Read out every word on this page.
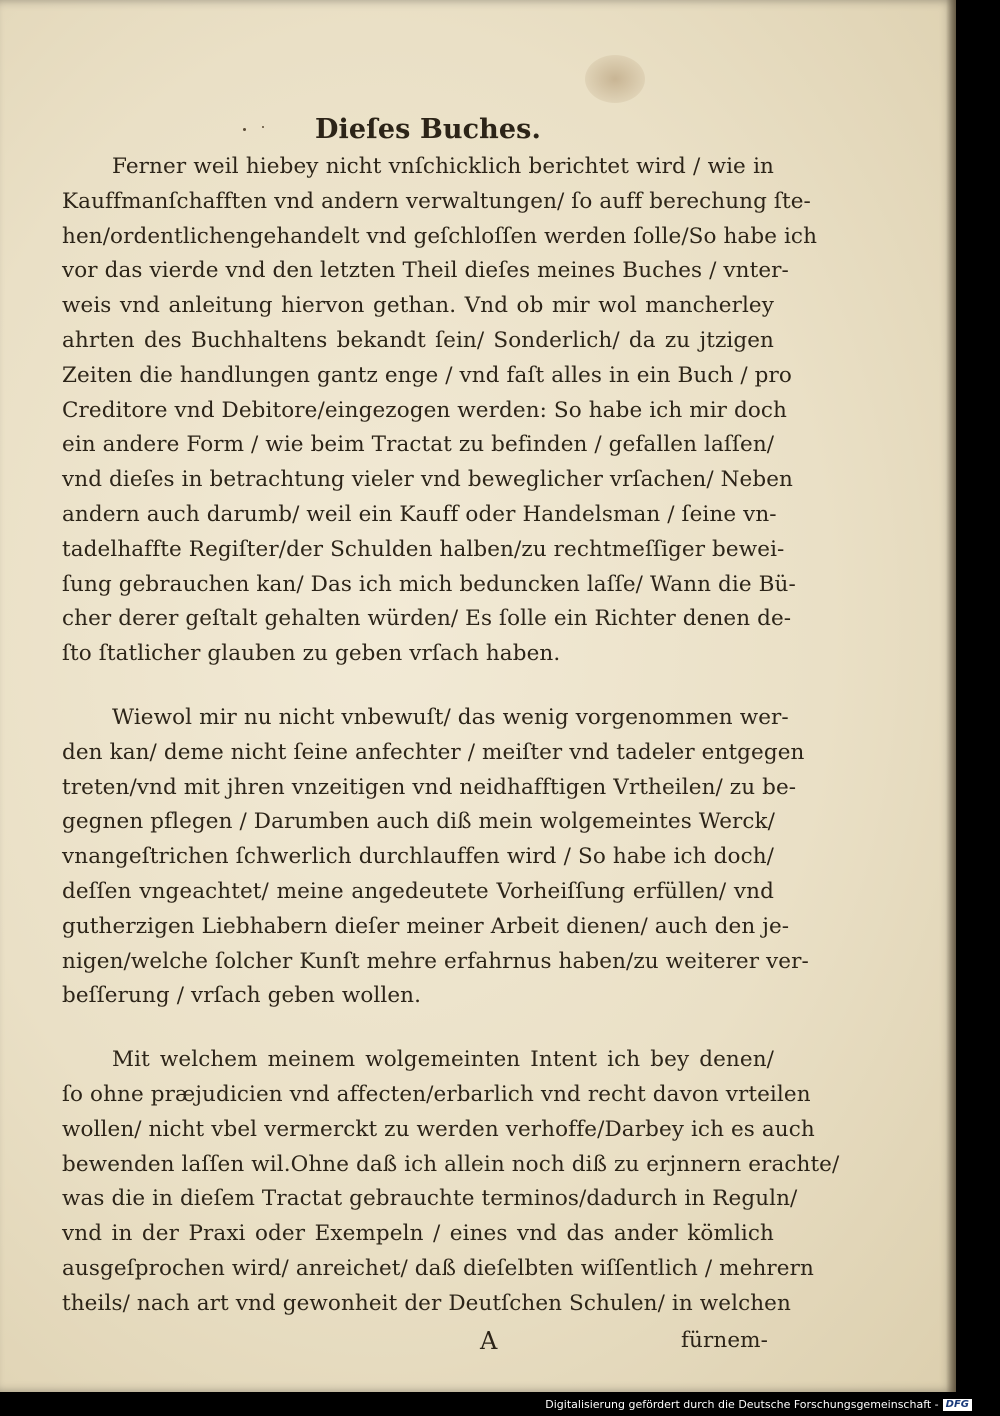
Dieſes Buches.
Ferner weil hiebey nicht vnſchicklich berichtet wird / wie in
Kauffmanſchafften vnd andern verwaltungen/ ſo auff berechung ſte-
hen/ordentlichengehandelt vnd geſchloſſen werden ſolle/So habe ich
vor das vierde vnd den letzten Theil dieſes meines Buches / vnter-
weis vnd anleitung hiervon gethan. Vnd ob mir wol mancherley
ahrten des Buchhaltens bekandt ſein/ Sonderlich/ da zu jtzigen
Zeiten die handlungen gantz enge / vnd faſt alles in ein Buch / pro
Creditore vnd Debitore/eingezogen werden: So habe ich mir doch
ein andere Form / wie beim Tractat zu befinden / gefallen laſſen/
vnd dieſes in betrachtung vieler vnd beweglicher vrſachen/ Neben
andern auch darumb/ weil ein Kauff oder Handelsman / ſeine vn-
tadelhaffte Regiſter/der Schulden halben/zu rechtmeſſiger bewei-
ſung gebrauchen kan/ Das ich mich beduncken laſſe/ Wann die Bü-
cher derer geſtalt gehalten würden/ Es ſolle ein Richter denen de-
ſto ſtatlicher glauben zu geben vrſach haben.
Wiewol mir nu nicht vnbewuſt/ das wenig vorgenommen wer-
den kan/ deme nicht ſeine anfechter / meiſter vnd tadeler entgegen
treten/vnd mit jhren vnzeitigen vnd neidhafftigen Vrtheilen/ zu be-
gegnen pflegen / Darumben auch diß mein wolgemeintes Werck/
vnangeſtrichen ſchwerlich durchlauffen wird / So habe ich doch/
deſſen vngeachtet/ meine angedeutete Vorheiſſung erfüllen/ vnd
gutherzigen Liebhabern dieſer meiner Arbeit dienen/ auch den je-
nigen/welche ſolcher Kunſt mehre erfahrnus haben/zu weiterer ver-
beſſerung / vrſach geben wollen.
Mit welchem meinem wolgemeinten Intent ich bey denen/
ſo ohne præjudicien vnd affecten/erbarlich vnd recht davon vrteilen
wollen/ nicht vbel vermerckt zu werden verhoffe/Darbey ich es auch
bewenden laſſen wil.Ohne daß ich allein noch diß zu erjnnern erachte/
was die in dieſem Tractat gebrauchte terminos/dadurch in Reguln/
vnd in der Praxi oder Exempeln / eines vnd das ander kömlich
ausgeſprochen wird/ anreichet/ daß dieſelbten wiſſentlich / mehrern
theils/ nach art vnd gewonheit der Deutſchen Schulen/ in welchen
A	fürnem-
Digitalisierung gefördert durch die Deutsche Forschungsgemeinschaft - DFG
